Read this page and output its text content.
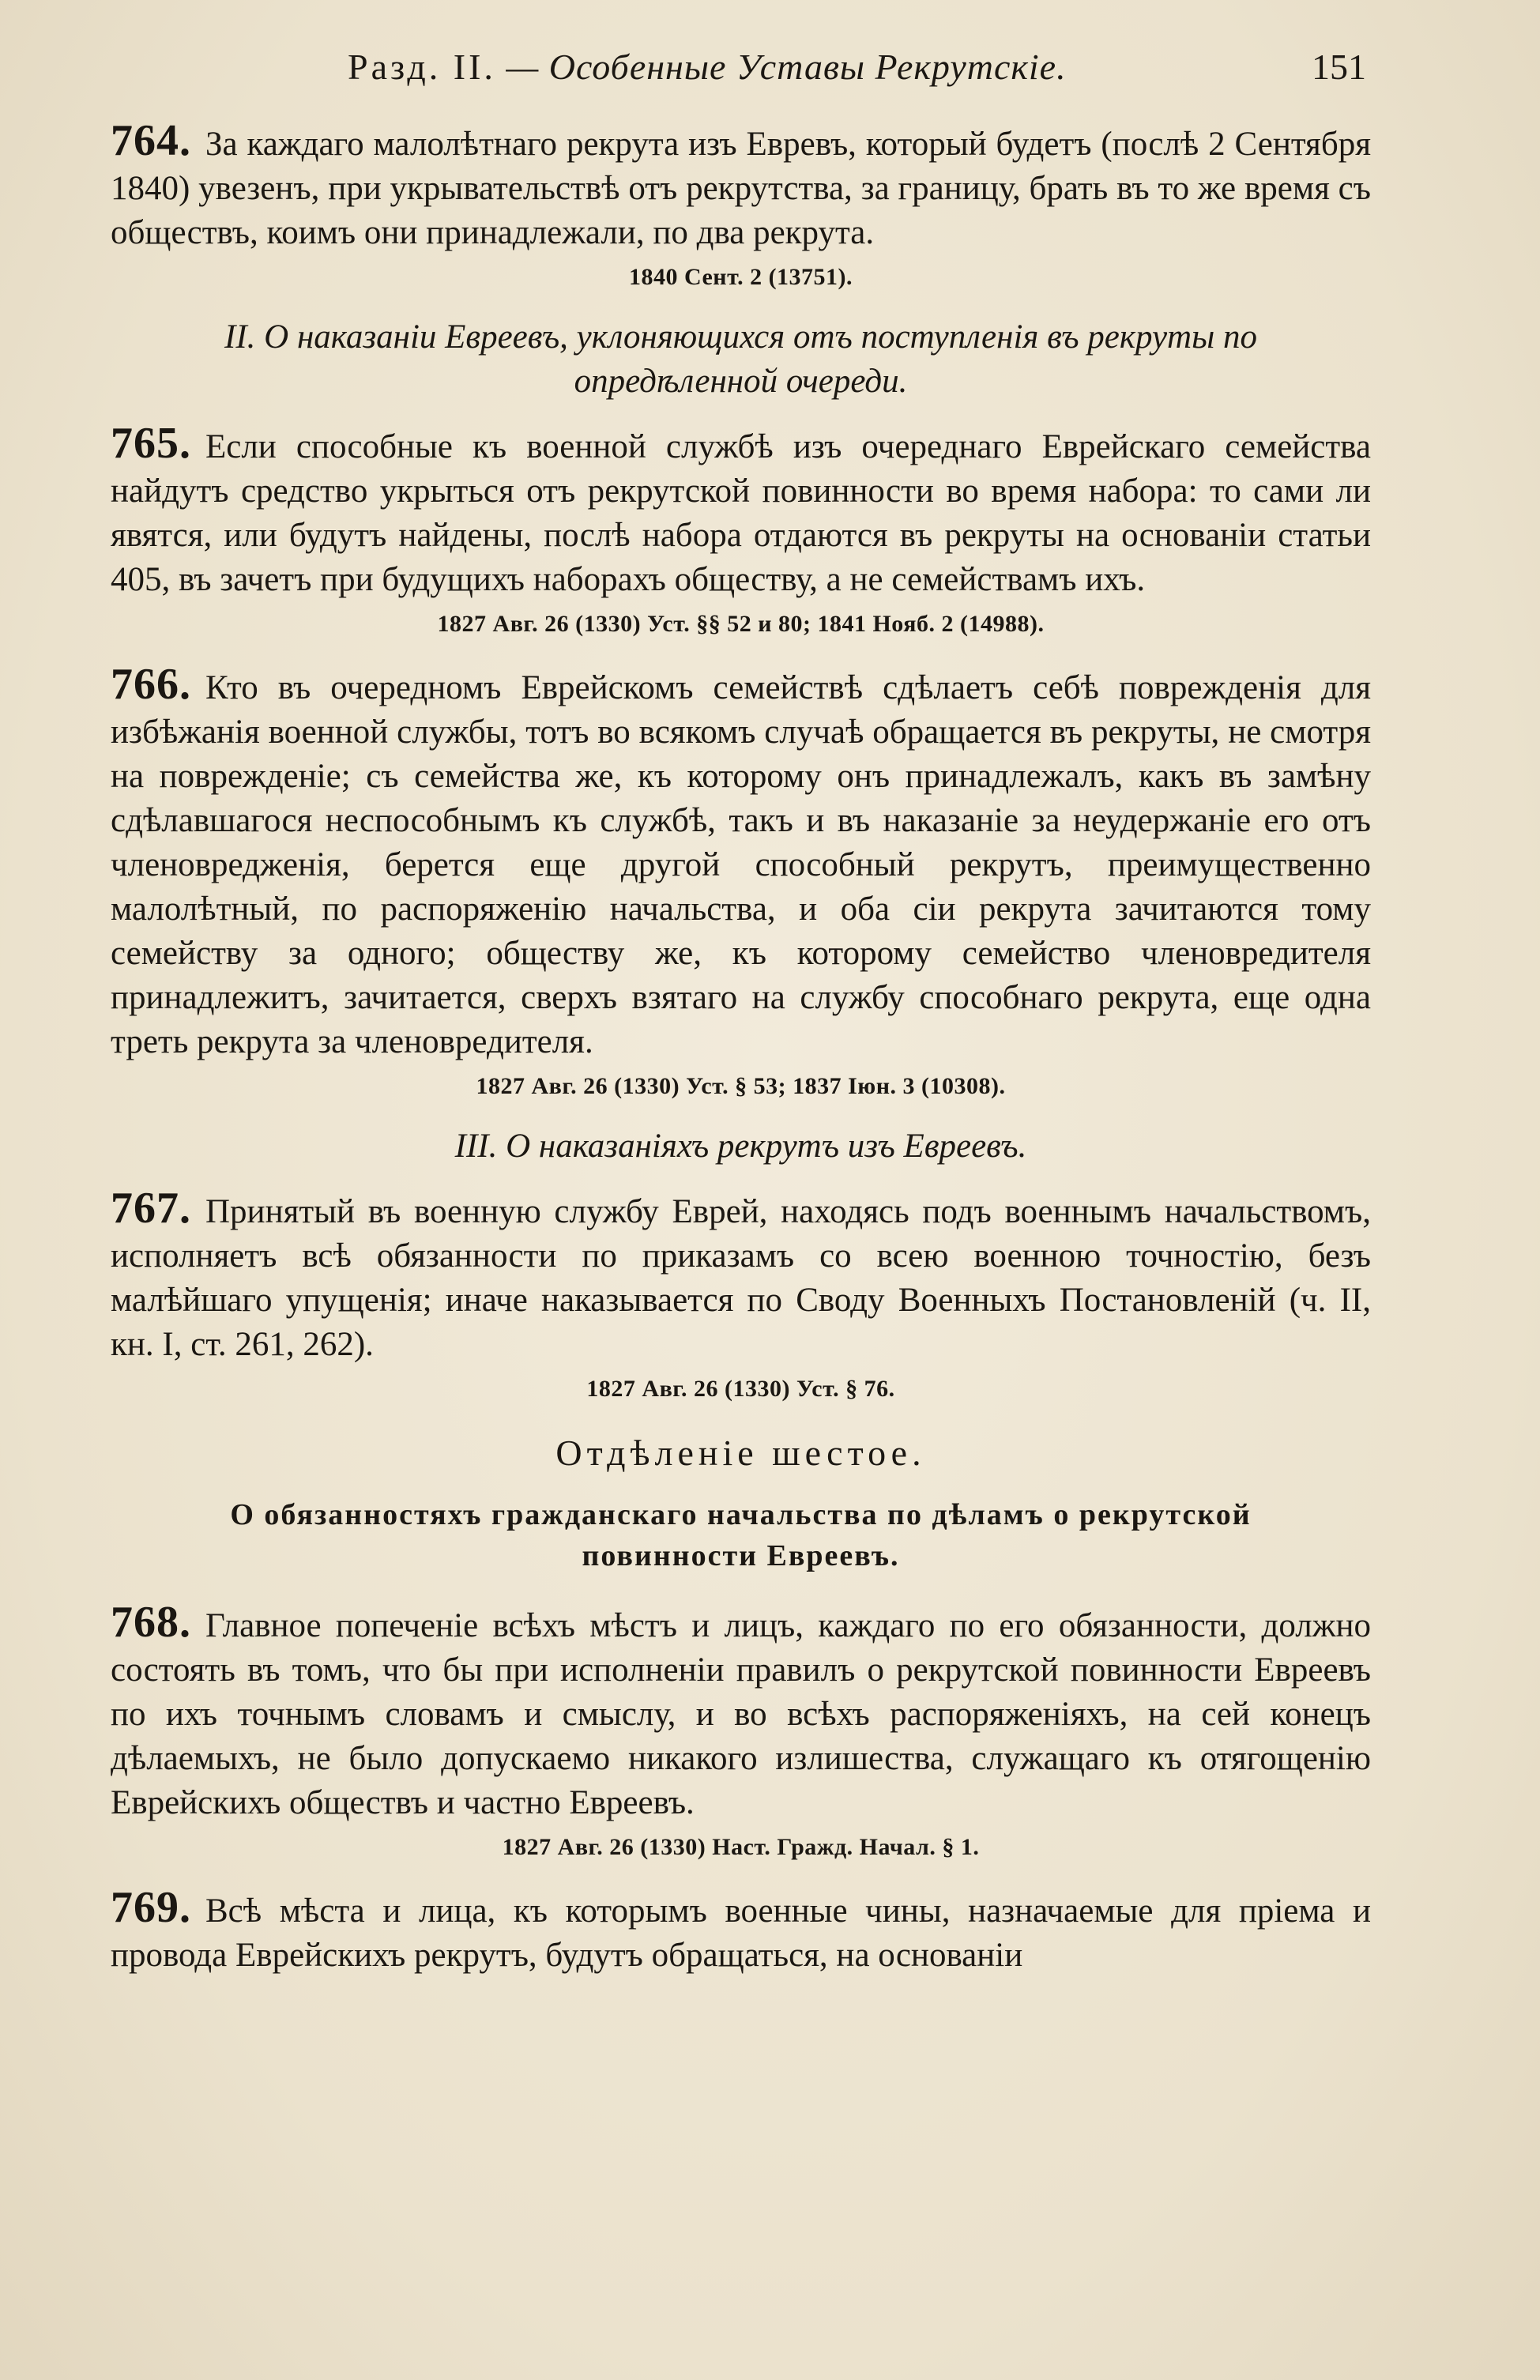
Разд. II. — Особенные Уставы Рекрутскіе.	151

764. За каждаго малолѣтнаго рекрута изъ Евревъ, который будетъ (послѣ 2 Сентября 1840) увезенъ, при укрывательствѣ отъ рекрутства, за границу, брать въ то же время съ обществъ, коимъ они принадлежали, по два рекрута.

1840 Сент. 2 (13751).
II. О наказаніи Евреевъ, уклоняющихся отъ поступленія въ рекруты по опредѣленной очереди.

765. Если способные къ военной службѣ изъ очереднаго Еврейскаго семейства найдутъ средство укрыться отъ рекрутской повинности во время набора: то сами ли явятся, или будутъ найдены, послѣ набора отдаются въ рекруты на основаніи статьи 405, въ зачетъ при будущихъ наборахъ обществу, а не семействамъ ихъ.

1827 Авг. 26 (1330) Уст. §§ 52 и 80; 1841 Нояб. 2 (14988).

766. Кто въ очередномъ Еврейскомъ семействѣ сдѣлаетъ себѣ поврежденія для избѣжанія военной службы, тотъ во всякомъ случаѣ обращается въ рекруты, не смотря на поврежденіе; съ семейства же, къ которому онъ принадлежалъ, какъ въ замѣну сдѣлавшагося неспособнымъ къ службѣ, такъ и въ наказаніе за неудержаніе его отъ членовредженія, берется еще другой способный рекрутъ, преимущественно малолѣтный, по распоряженію начальства, и оба сіи рекрута зачитаются тому семейству за одного; обществу же, къ которому семейство членовредителя принадлежитъ, зачитается, сверхъ взятаго на службу способнаго рекрута, еще одна треть рекрута за членовредителя.

1827 Авг. 26 (1330) Уст. § 53; 1837 Іюн. 3 (10308).
III. О наказаніяхъ рекрутъ изъ Евреевъ.

767. Принятый въ военную службу Еврей, находясь подъ военнымъ начальствомъ, исполняетъ всѣ обязанности по приказамъ со всею военною точностію, безъ малѣйшаго упущенія; иначе наказывается по Своду Военныхъ Постановленій (ч. II, кн. I, ст. 261, 262).

1827 Авг. 26 (1330) Уст. § 76.
Отдѣленіе шестое.
О обязанностяхъ гражданскаго начальства по дѣламъ о рекрутской повинности Евреевъ.

768. Главное попеченіе всѣхъ мѣстъ и лицъ, каждаго по его обязанности, должно состоять въ томъ, что бы при исполненіи правилъ о рекрутской повинности Евреевъ по ихъ точнымъ словамъ и смыслу, и во всѣхъ распоряженіяхъ, на сей конецъ дѣлаемыхъ, не было допускаемо никакого излишества, служащаго къ отягощенію Еврейскихъ обществъ и частно Евреевъ.

1827 Авг. 26 (1330) Наст. Гражд. Начал. § 1.

769. Всѣ мѣста и лица, къ которымъ военные чины, назначаемые для пріема и провода Еврейскихъ рекрутъ, будутъ обращаться, на основаніи
